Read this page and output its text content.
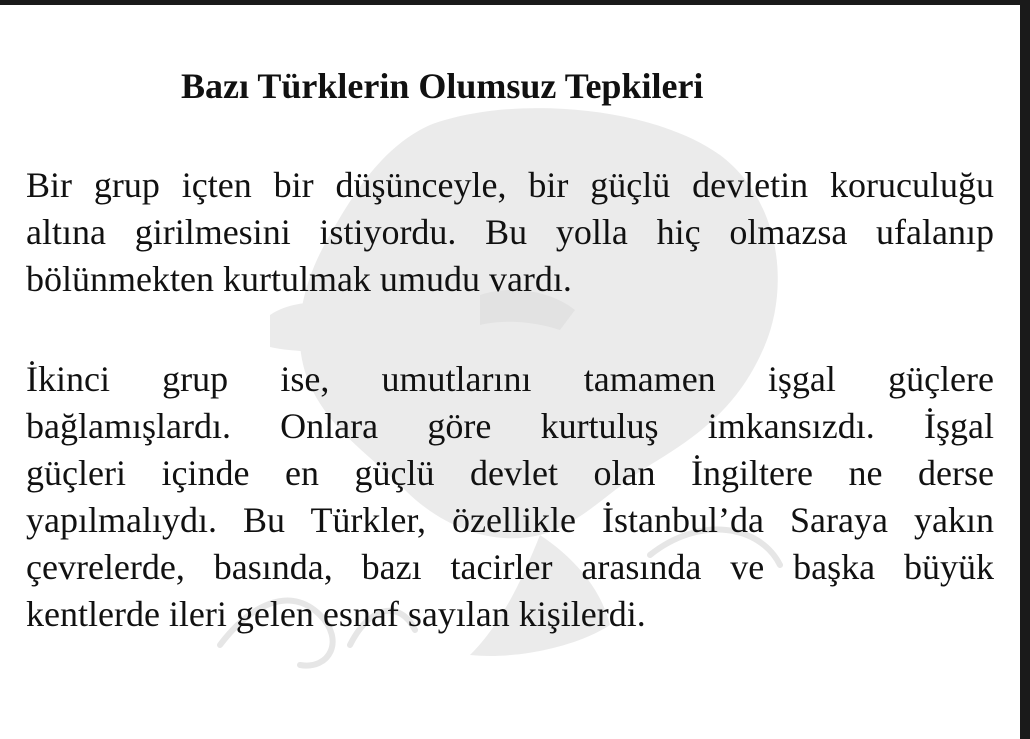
Bazı Türklerin Olumsuz Tepkileri

Bir grup içten bir düşünceyle, bir güçlü devletin koruculuğu
altına girilmesini istiyordu. Bu yolla hiç olmazsa ufalanıp
bölünmekten kurtulmak umudu vardı.

İkinci grup ise, umutlarını tamamen işgal güçlere
bağlamışlardı. Onlara göre kurtuluş imkansızdı. İşgal
güçleri içinde en güçlü devlet olan İngiltere ne derse
yapılmalıydı. Bu Türkler, özellikle İstanbul’da Saraya yakın
çevrelerde, basında, bazı tacirler arasında ve başka büyük
kentlerde ileri gelen esnaf sayılan kişilerdi.
